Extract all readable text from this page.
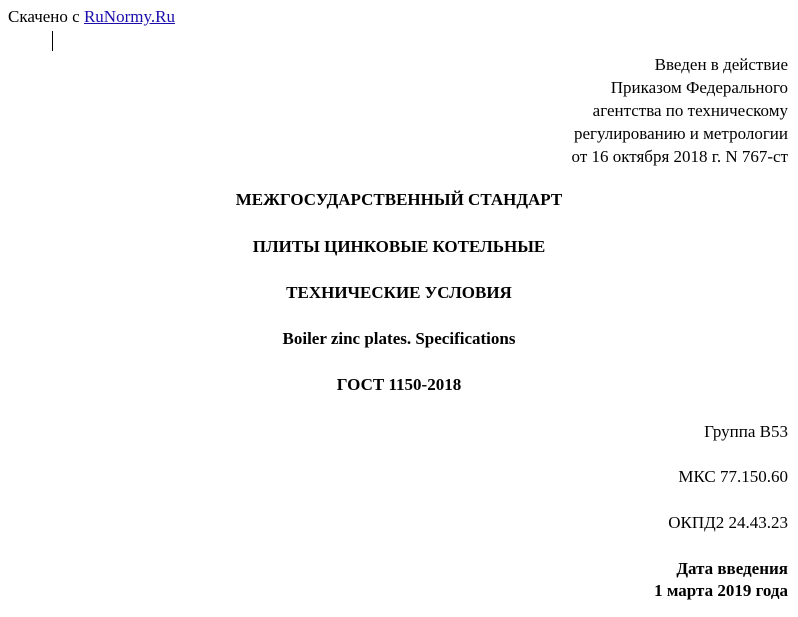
Скачено с RuNormy.Ru
Введен в действие
Приказом Федерального
агентства по техническому
регулированию и метрологии
от 16 октября 2018 г. N 767-ст
МЕЖГОСУДАРСТВЕННЫЙ СТАНДАРТ
ПЛИТЫ ЦИНКОВЫЕ КОТЕЛЬНЫЕ
ТЕХНИЧЕСКИЕ УСЛОВИЯ
Boiler zinc plates. Specifications
ГОСТ 1150-2018
Группа В53
МКС 77.150.60
ОКПД2 24.43.23
Дата введения
1 марта 2019 года
